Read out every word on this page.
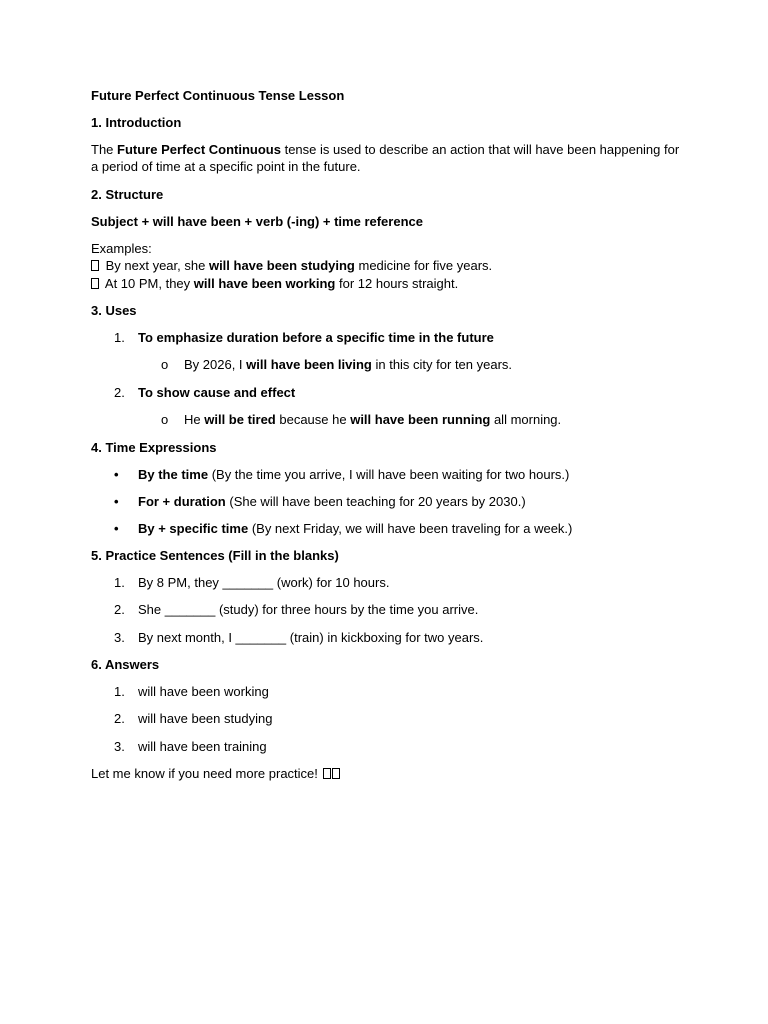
Future Perfect Continuous Tense Lesson
1. Introduction
The Future Perfect Continuous tense is used to describe an action that will have been happening for
a period of time at a specific point in the future.
2. Structure
Subject + will have been + verb (-ing) + time reference
Examples:
By next year, she will have been studying medicine for five years.
At 10 PM, they will have been working for 12 hours straight.
3. Uses
1. To emphasize duration before a specific time in the future
o By 2026, I will have been living in this city for ten years.
2. To show cause and effect
o He will be tired because he will have been running all morning.
4. Time Expressions
• By the time (By the time you arrive, I will have been waiting for two hours.)
• For + duration (She will have been teaching for 20 years by 2030.)
• By + specific time (By next Friday, we will have been traveling for a week.)
5. Practice Sentences (Fill in the blanks)
1. By 8 PM, they _______ (work) for 10 hours.
2. She _______ (study) for three hours by the time you arrive.
3. By next month, I _______ (train) in kickboxing for two years.
6. Answers
1. will have been working
2. will have been studying
3. will have been training
Let me know if you need more practice!
